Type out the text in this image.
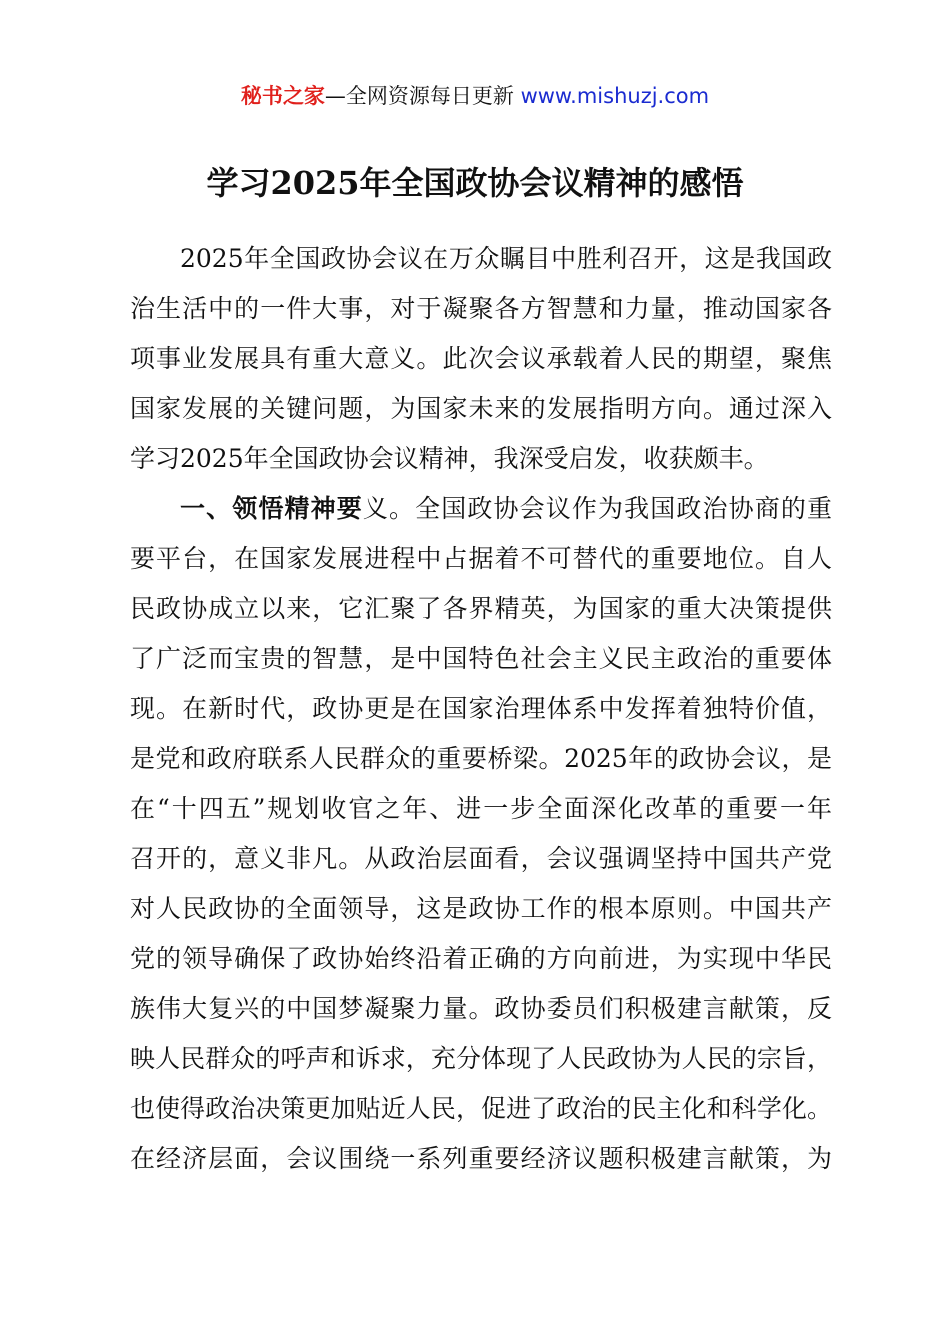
秘书之家—全网资源每日更新 www.mishuzj.com
学习2025年全国政协会议精神的感悟
2025年全国政协会议在万众瞩目中胜利召开，这是我国政
治生活中的一件大事，对于凝聚各方智慧和力量，推动国家各
项事业发展具有重大意义。此次会议承载着人民的期望，聚焦
国家发展的关键问题，为国家未来的发展指明方向。通过深入
学习2025年全国政协会议精神，我深受启发，收获颇丰。
一、领悟精神要义。全国政协会议作为我国政治协商的重
要平台，在国家发展进程中占据着不可替代的重要地位。自人
民政协成立以来，它汇聚了各界精英，为国家的重大决策提供
了广泛而宝贵的智慧，是中国特色社会主义民主政治的重要体
现。在新时代，政协更是在国家治理体系中发挥着独特价值，
是党和政府联系人民群众的重要桥梁。2025年的政协会议，是
在“十四五”规划收官之年、进一步全面深化改革的重要一年
召开的，意义非凡。从政治层面看，会议强调坚持中国共产党
对人民政协的全面领导，这是政协工作的根本原则。中国共产
党的领导确保了政协始终沿着正确的方向前进，为实现中华民
族伟大复兴的中国梦凝聚力量。政协委员们积极建言献策，反
映人民群众的呼声和诉求，充分体现了人民政协为人民的宗旨，
也使得政治决策更加贴近人民，促进了政治的民主化和科学化。
在经济层面，会议围绕一系列重要经济议题积极建言献策，为
